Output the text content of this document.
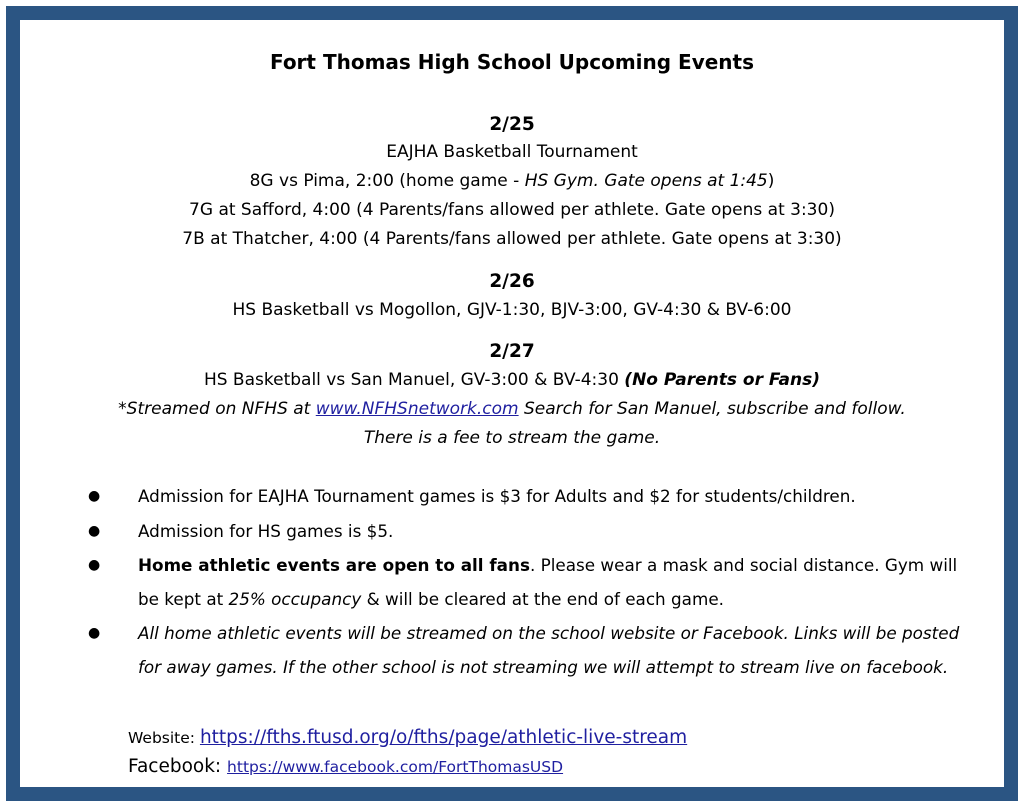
Fort Thomas High School Upcoming Events
2/25
EAJHA Basketball Tournament
8G vs Pima, 2:00 (home game - HS Gym. Gate opens at 1:45)
7G at Safford, 4:00 (4 Parents/fans allowed per athlete. Gate opens at 3:30)
7B at Thatcher, 4:00 (4 Parents/fans allowed per athlete. Gate opens at 3:30)
2/26
HS Basketball vs Mogollon, GJV-1:30, BJV-3:00, GV-4:30 & BV-6:00
2/27
HS Basketball vs San Manuel, GV-3:00 & BV-4:30 (No Parents or Fans)
*Streamed on NFHS at www.NFHSnetwork.com Search for San Manuel, subscribe and follow.
There is a fee to stream the game.
● Admission for EAJHA Tournament games is $3 for Adults and $2 for students/children.
● Admission for HS games is $5.
● Home athletic events are open to all fans. Please wear a mask and social distance. Gym will be kept at 25% occupancy & will be cleared at the end of each game.
● All home athletic events will be streamed on the school website or Facebook. Links will be posted for away games. If the other school is not streaming we will attempt to stream live on facebook.
Website: https://fths.ftusd.org/o/fths/page/athletic-live-stream
Facebook: https://www.facebook.com/FortThomasUSD
